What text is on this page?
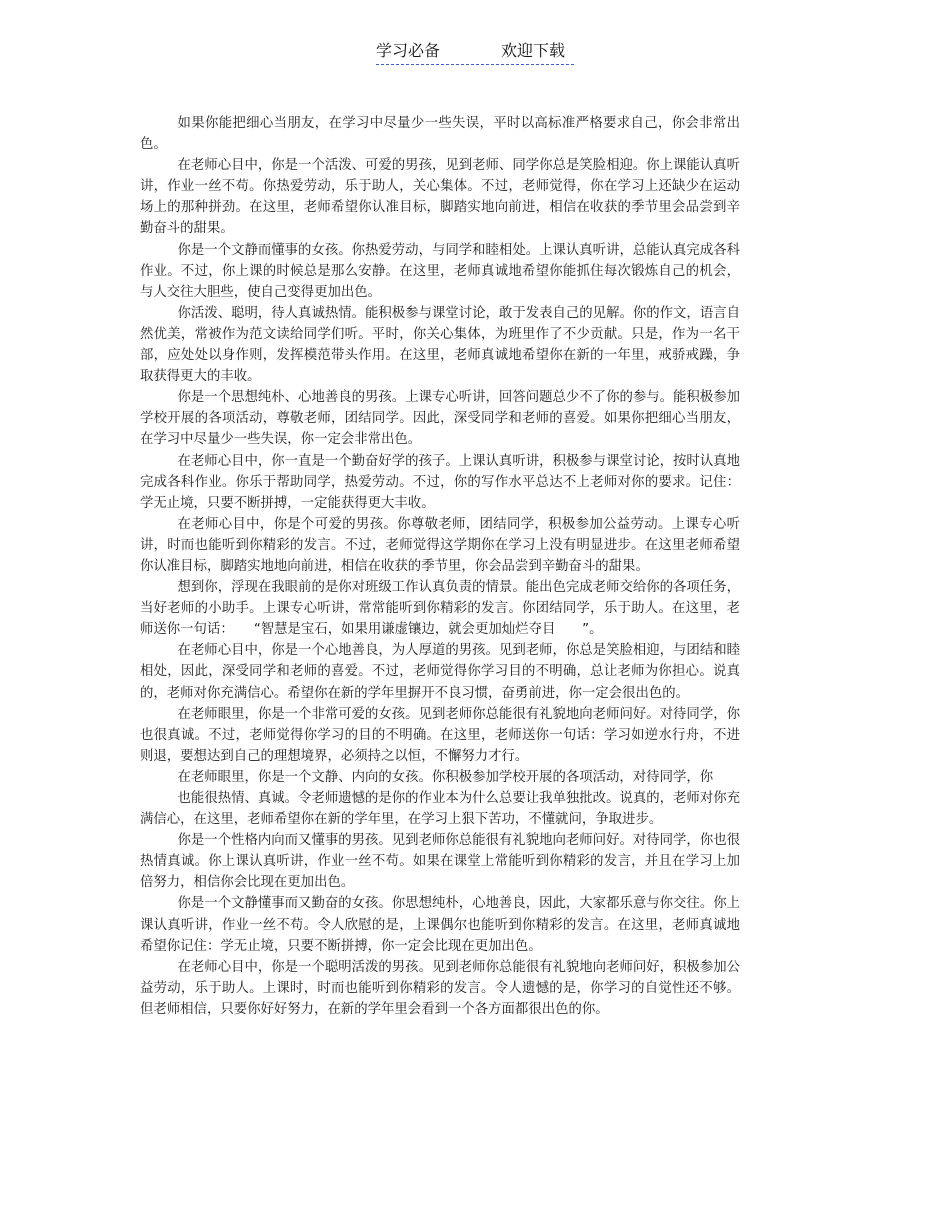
学习必备	欢迎下载

如果你能把细心当朋友，在学习中尽量少一些失误，平时以高标准严格要求自己，你会非常出色。

在老师心目中，你是一个活泼、可爱的男孩，见到老师、同学你总是笑脸相迎。你上课能认真听讲，作业一丝不苟。你热爱劳动，乐于助人，关心集体。不过，老师觉得，你在学习上还缺少在运动场上的那种拼劲。在这里，老师希望你认准目标，脚踏实地向前进，相信在收获的季节里会品尝到辛勤奋斗的甜果。

你是一个文静而懂事的女孩。你热爱劳动，与同学和睦相处。上课认真听讲，总能认真完成各科作业。不过，你上课的时候总是那么安静。在这里，老师真诚地希望你能抓住每次锻炼自己的机会，与人交往大胆些，使自己变得更加出色。

你活泼、聪明，待人真诚热情。能积极参与课堂讨论，敢于发表自己的见解。你的作文，语言自然优美，常被作为范文读给同学们听。平时，你关心集体，为班里作了不少贡献。只是，作为一名干部，应处处以身作则，发挥模范带头作用。在这里，老师真诚地希望你在新的一年里，戒骄戒躁，争取获得更大的丰收。

你是一个思想纯朴、心地善良的男孩。上课专心听讲，回答问题总少不了你的参与。能积极参加学校开展的各项活动，尊敬老师，团结同学。因此，深受同学和老师的喜爱。如果你把细心当朋友，在学习中尽量少一些失误，你一定会非常出色。

在老师心目中，你一直是一个勤奋好学的孩子。上课认真听讲，积极参与课堂讨论，按时认真地完成各科作业。你乐于帮助同学，热爱劳动。不过，你的写作水平总达不上老师对你的要求。记住：学无止境，只要不断拼搏，一定能获得更大丰收。

在老师心目中，你是个可爱的男孩。你尊敬老师，团结同学，积极参加公益劳动。上课专心听讲，时而也能听到你精彩的发言。不过，老师觉得这学期你在学习上没有明显进步。在这里老师希望你认准目标，脚踏实地地向前进，相信在收获的季节里，你会品尝到辛勤奋斗的甜果。

想到你，浮现在我眼前的是你对班级工作认真负责的情景。能出色完成老师交给你的各项任务，当好老师的小助手。上课专心听讲，常常能听到你精彩的发言。你团结同学，乐于助人。在这里，老师送你一句话：　　“智慧是宝石，如果用谦虚镶边，就会更加灿烂夺目　　”。

在老师心目中，你是一个心地善良，为人厚道的男孩。见到老师，你总是笑脸相迎，与团结和睦相处，因此，深受同学和老师的喜爱。不过，老师觉得你学习目的不明确，总让老师为你担心。说真的，老师对你充满信心。希望你在新的学年里摒开不良习惯，奋勇前进，你一定会很出色的。

在老师眼里，你是一个非常可爱的女孩。见到老师你总能很有礼貌地向老师问好。对待同学，你也很真诚。不过，老师觉得你学习的目的不明确。在这里，老师送你一句话：学习如逆水行舟，不进则退，要想达到自己的理想境界，必须持之以恒，不懈努力才行。

在老师眼里，你是一个文静、内向的女孩。你积极参加学校开展的各项活动，对待同学，你

也能很热情、真诚。令老师遗憾的是你的作业本为什么总要让我单独批改。说真的，老师对你充满信心，在这里，老师希望你在新的学年里，在学习上狠下苦功，不懂就问，争取进步。

你是一个性格内向而又懂事的男孩。见到老师你总能很有礼貌地向老师问好。对待同学，你也很热情真诚。你上课认真听讲，作业一丝不苟。如果在课堂上常能听到你精彩的发言，并且在学习上加倍努力，相信你会比现在更加出色。

你是一个文静懂事而又勤奋的女孩。你思想纯朴，心地善良，因此，大家都乐意与你交往。你上课认真听讲，作业一丝不苟。令人欣慰的是，上课偶尔也能听到你精彩的发言。在这里，老师真诚地希望你记住：学无止境，只要不断拼搏，你一定会比现在更加出色。

在老师心目中，你是一个聪明活泼的男孩。见到老师你总能很有礼貌地向老师问好，积极参加公益劳动，乐于助人。上课时，时而也能听到你精彩的发言。令人遗憾的是，你学习的自觉性还不够。但老师相信，只要你好好努力，在新的学年里会看到一个各方面都很出色的你。
